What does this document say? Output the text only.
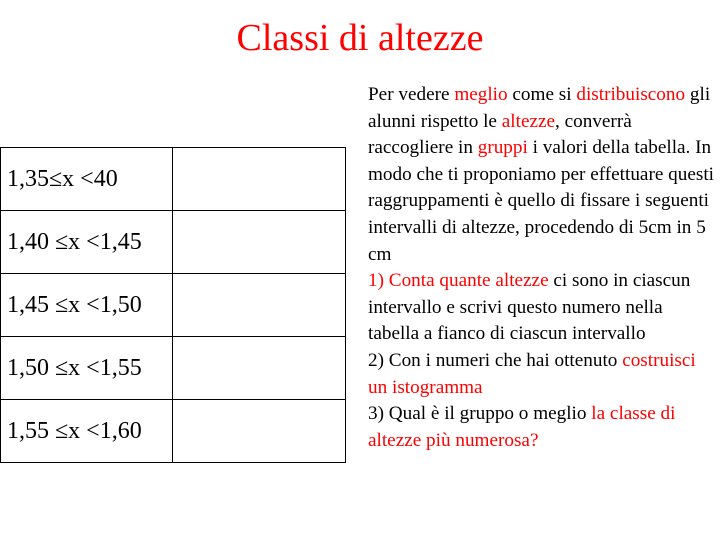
Classi di altezze
1,35≤x <40	
1,40 ≤x <1,45	
1,45 ≤x <1,50	
1,50 ≤x <1,55	
1,55 ≤x <1,60	

Per vedere meglio come si distribuiscono gli alunni rispetto le altezze, converrà raccogliere in gruppi i valori della tabella. In modo che ti proponiamo per effettuare questi raggruppamenti è quello di fissare i seguenti intervalli di altezze, procedendo di 5cm in 5 cm

1) Conta quante altezze ci sono in ciascun intervallo e scrivi questo numero nella tabella a fianco di ciascun intervallo

2) Con i numeri che hai ottenuto costruisci un istogramma

3) Qual è il gruppo o meglio la classe di altezze più numerosa?
